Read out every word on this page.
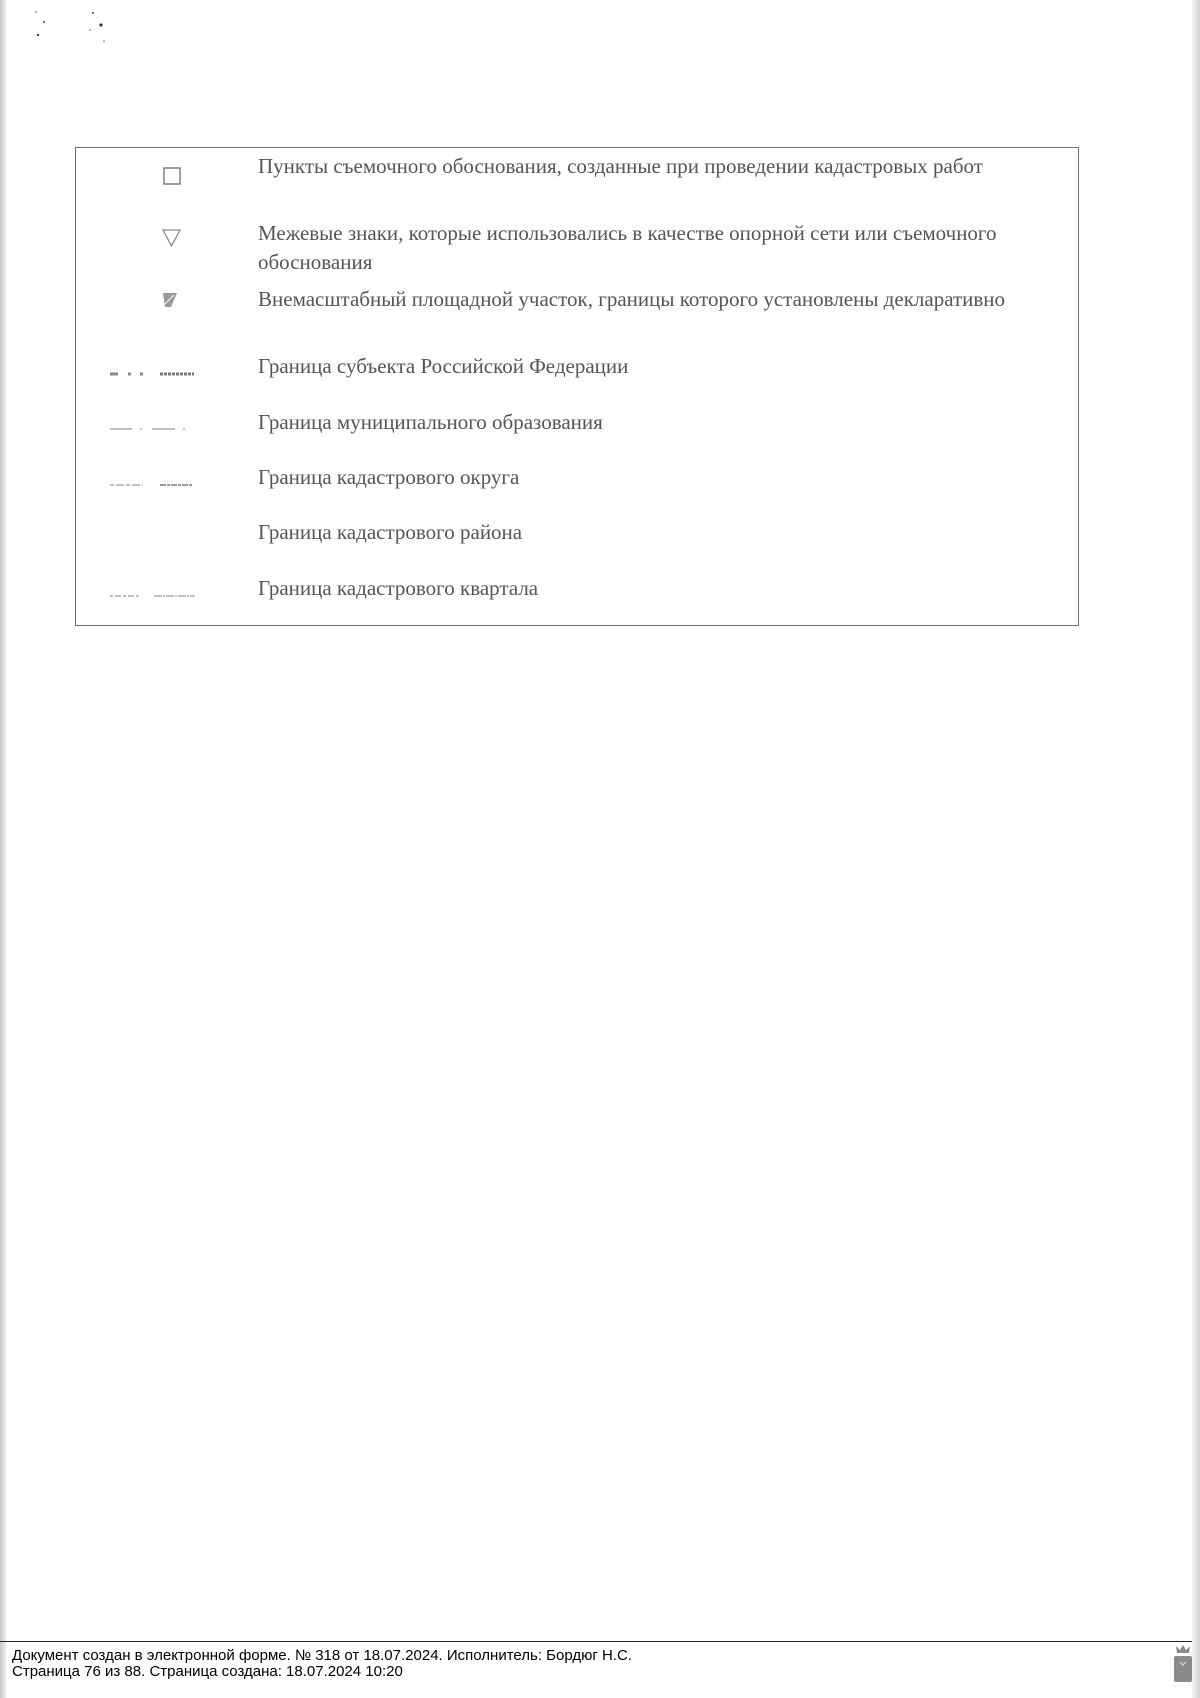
Пункты съемочного обоснования, созданные при проведении кадастровых работ
Межевые знаки, которые использовались в качестве опорной сети или съемочного обоснования
Внемасштабный площадной участок, границы которого установлены декларативно
Граница субъекта Российской Федерации
Граница муниципального образования
Граница кадастрового округа
Граница кадастрового района
Граница кадастрового квартала
Документ создан в электронной форме. № 318 от 18.07.2024. Исполнитель: Бордюг Н.С.
Страница 76 из 88. Страница создана: 18.07.2024 10:20
